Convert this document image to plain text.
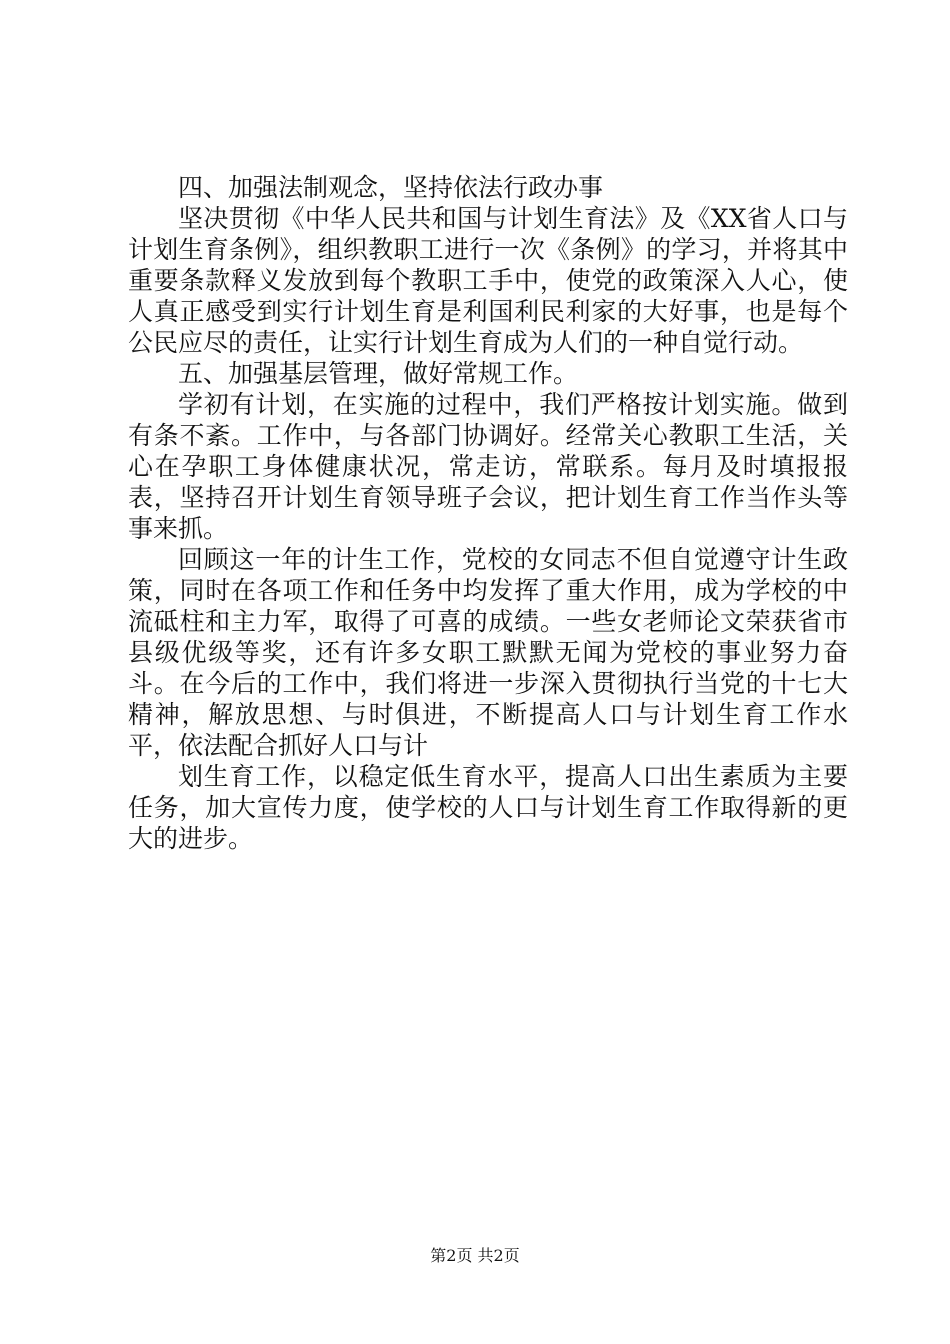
四、加强法制观念，坚持依法行政办事

坚决贯彻《中华人民共和国与计划生育法》及《XX省人口与计划生育条例》，组织教职工进行一次《条例》的学习，并将其中重要条款释义发放到每个教职工手中，使党的政策深入人心，使人真正感受到实行计划生育是利国利民利家的大好事，也是每个公民应尽的责任，让实行计划生育成为人们的一种自觉行动。

五、加强基层管理，做好常规工作。

学初有计划，在实施的过程中，我们严格按计划实施。做到有条不紊。工作中，与各部门协调好。经常关心教职工生活，关心在孕职工身体健康状况，常走访，常联系。每月及时填报报表，坚持召开计划生育领导班子会议，把计划生育工作当作头等事来抓。

回顾这一年的计生工作，党校的女同志不但自觉遵守计生政策，同时在各项工作和任务中均发挥了重大作用，成为学校的中流砥柱和主力军，取得了可喜的成绩。一些女老师论文荣获省市县级优级等奖，还有许多女职工默默无闻为党校的事业努力奋斗。在今后的工作中，我们将进一步深入贯彻执行当党的十七大精神，解放思想、与时俱进，不断提高人口与计划生育工作水平，依法配合抓好人口与计

划生育工作，以稳定低生育水平，提高人口出生素质为主要任务，加大宣传力度，使学校的人口与计划生育工作取得新的更大的进步。

第2页 共2页
